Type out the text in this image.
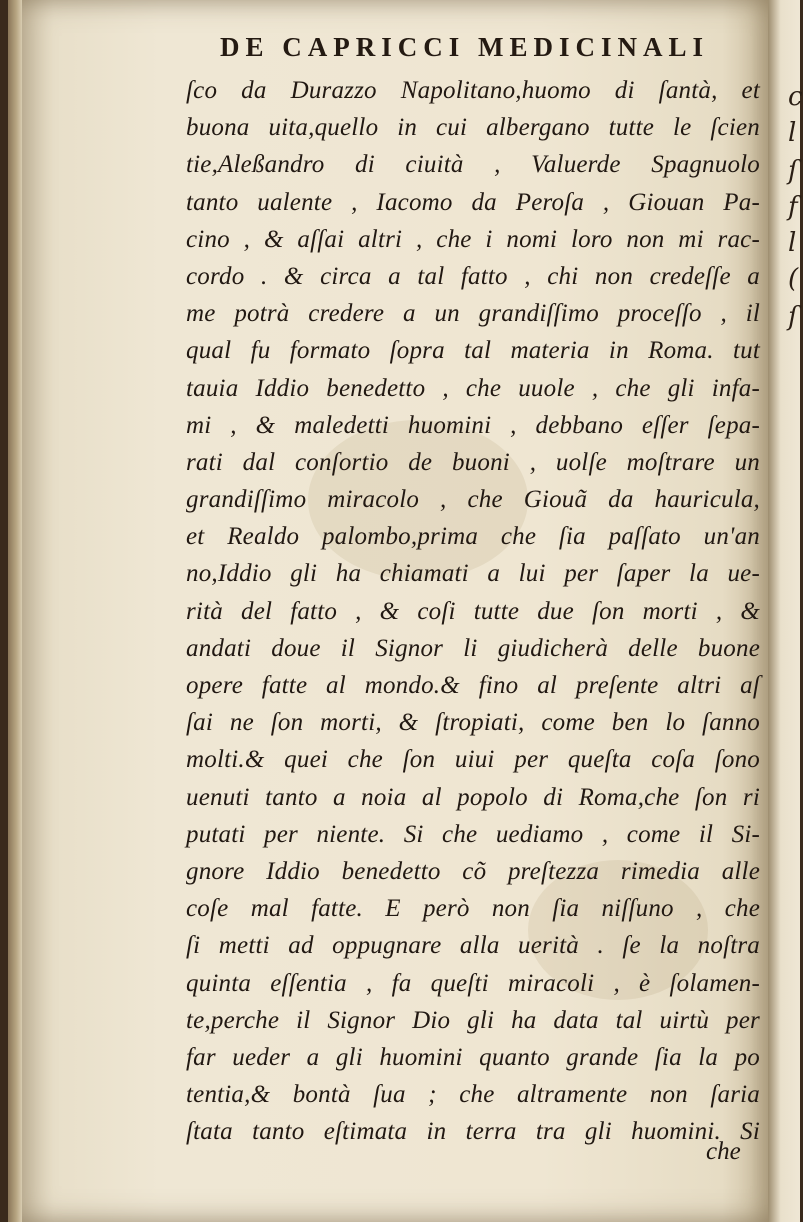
DE CAPRICCI MEDICINALI
ſco da Durazzo Napolitano,huomo di ſantà, et
buona uita,quello in cui albergano tutte le ſcien
tie,Aleßandro di ciuità , Valuerde Spagnuolo
tanto ualente , Iacomo da Peroſa , Giouan Pa-
cino , & aſſai altri , che i nomi loro non mi rac-
cordo . & circa a tal fatto , chi non credeſſe a
me potrà credere a un grandiſſimo proceſſo , il
qual fu formato ſopra tal materia in Roma. tut
tauia Iddio benedetto , che uuole , che gli infa-
mi , & maledetti huomini , debbano eſſer ſepa-
rati dal conſortio de buoni , uolſe moſtrare un
grandiſſimo miracolo , che Giouã da hauricula,
et Realdo palombo,prima che ſia paſſato un'an
no,Iddio gli ha chiamati a lui per ſaper la ue-
rità del fatto , & coſi tutte due ſon morti , &
andati doue il Signor li giudicherà delle buone
opere fatte al mondo.& fino al preſente altri aſ
ſai ne ſon morti, & ſtropiati, come ben lo ſanno
molti.& quei che ſon uiui per queſta coſa ſono
uenuti tanto a noia al popolo di Roma,che ſon ri
putati per niente. Si che uediamo , come il Si-
gnore Iddio benedetto cõ preſtezza rimedia alle
coſe mal fatte. E però non ſia niſſuno , che
ſi metti ad oppugnare alla uerità . ſe la noſtra
quinta eſſentia , fa queſti miracoli , è ſolamen-
te,perche il Signor Dio gli ha data tal uirtù per
far ueder a gli huomini quanto grande ſia la po
tentia,& bontà ſua ; che altramente non ſaria
ſtata tanto eſtimata in terra tra gli huomini. Si
che
c
l
ſ
f
l
(
ſ
